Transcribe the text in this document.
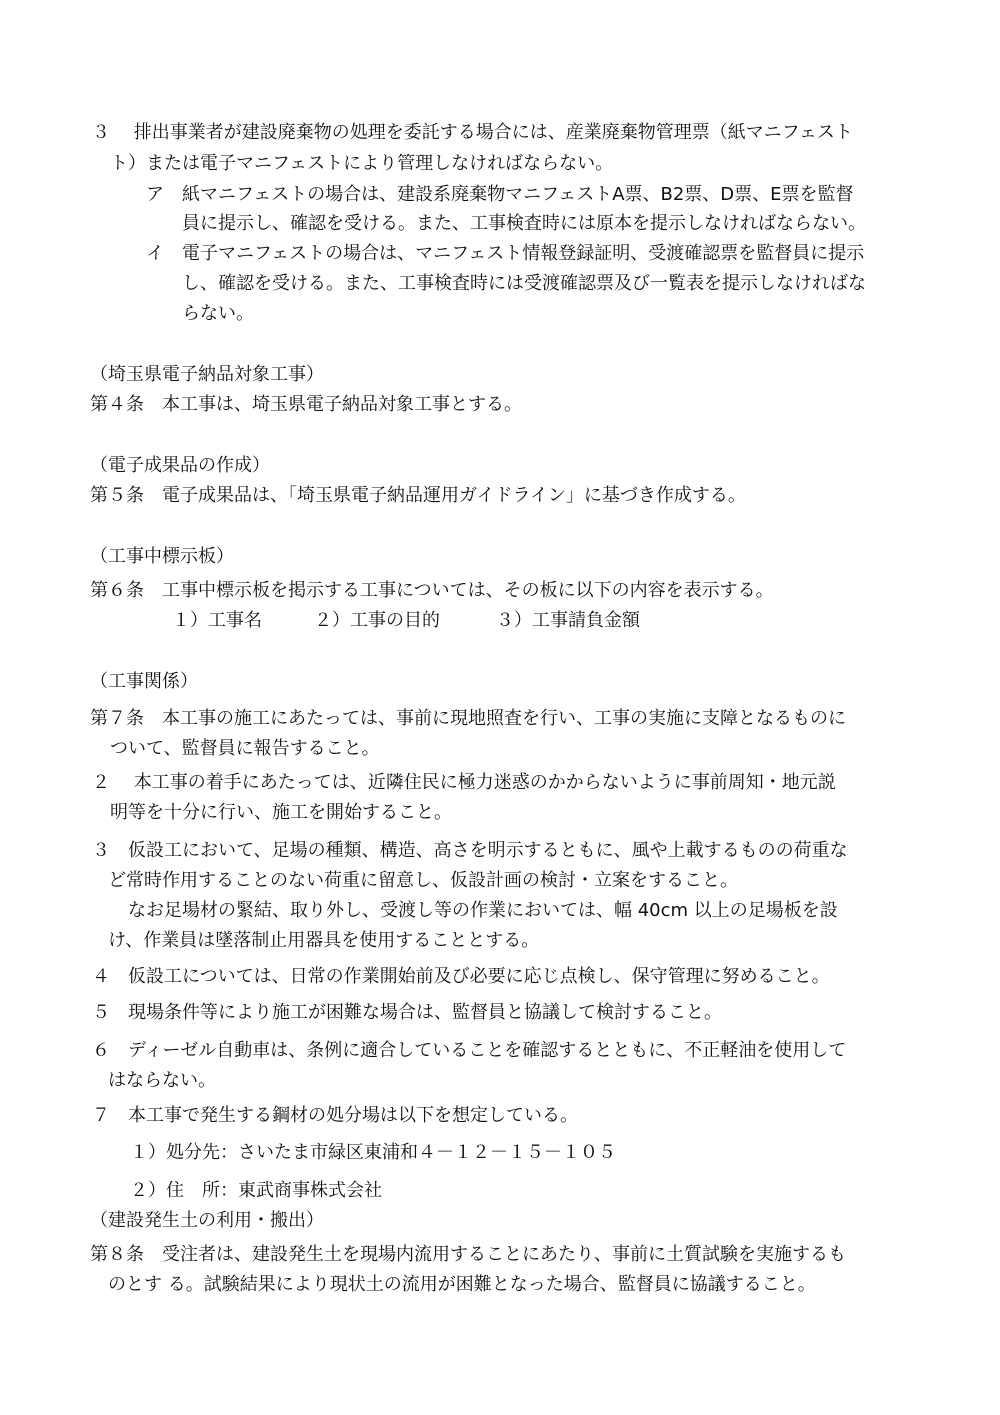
３　 排出事業者が建設廃棄物の処理を委託する場合には、産業廃棄物管理票（紙マニフェスト
ト）または電子マニフェストにより管理しなければならない。
ア　紙マニフェストの場合は、建設系廃棄物マニフェストA票、B2票、D票、E票を監督
員に提示し、確認を受ける。また、工事検査時には原本を提示しなければならない。
イ　電子マニフェストの場合は、マニフェスト情報登録証明、受渡確認票を監督員に提示
し、確認を受ける。また、工事検査時には受渡確認票及び一覧表を提示しなければな
らない。
（埼玉県電子納品対象工事）
第４条　本工事は、埼玉県電子納品対象工事とする。
（電子成果品の作成）
第５条　電子成果品は、「埼玉県電子納品運用ガイドライン」に基づき作成する。
（工事中標示板）
第６条　工事中標示板を掲示する工事については、その板に以下の内容を表示する。
１）工事名	２）工事の目的	３）工事請負金額
（工事関係）
第７条　本工事の施工にあたっては、事前に現地照査を行い、工事の実施に支障となるものに
ついて、監督員に報告すること。
２　 本工事の着手にあたっては、近隣住民に極力迷惑のかからないように事前周知・地元説
明等を十分に行い、施工を開始すること。
３　仮設工において、足場の種類、構造、高さを明示するともに、風や上載するものの荷重な
ど常時作用することのない荷重に留意し、仮設計画の検討・立案をすること。
なお足場材の緊結、取り外し、受渡し等の作業においては、幅 40cm 以上の足場板を設
け、作業員は墜落制止用器具を使用することとする。
４　仮設工については、日常の作業開始前及び必要に応じ点検し、保守管理に努めること。
５　現場条件等により施工が困難な場合は、監督員と協議して検討すること。
６　ディーゼル自動車は、条例に適合していることを確認するとともに、不正軽油を使用して
はならない。
７　本工事で発生する鋼材の処分場は以下を想定している。
１）処分先：さいたま市緑区東浦和４－１２－１５－１０５
２）住　所：東武商事株式会社
（建設発生土の利用・搬出）
第８条　受注者は、建設発生土を現場内流用することにあたり、事前に土質試験を実施するも
のとす る。試験結果により現状土の流用が困難となった場合、監督員に協議すること。
